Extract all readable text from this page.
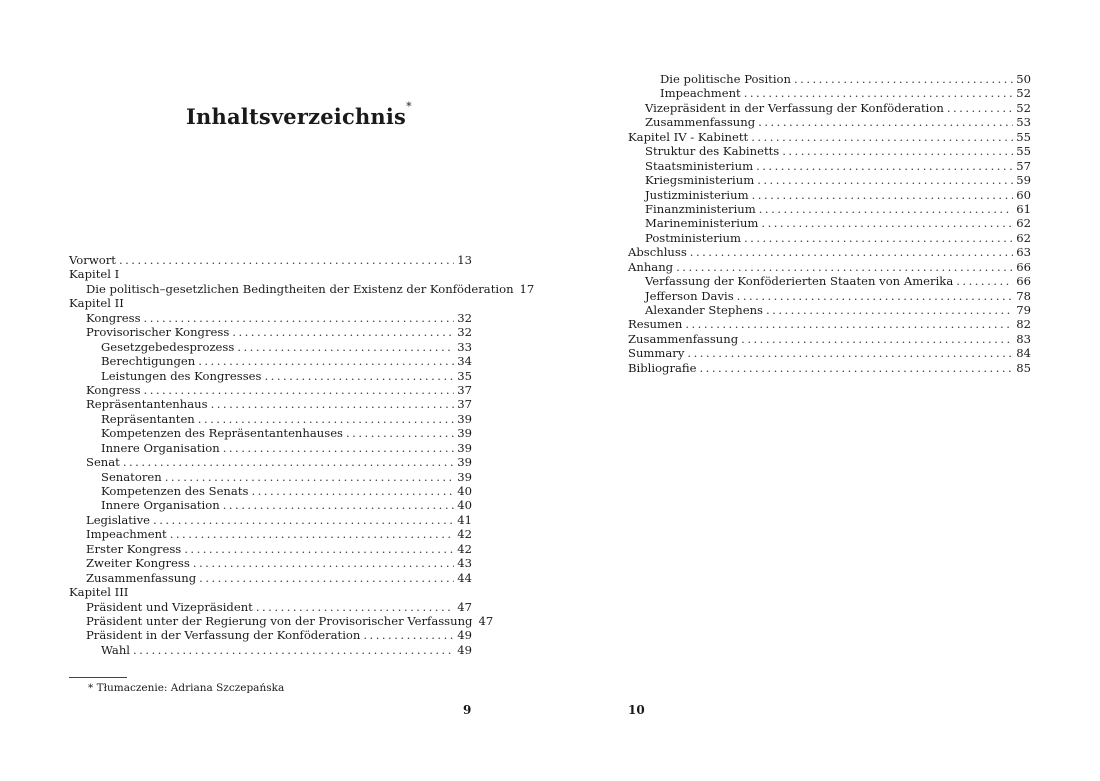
Inhaltsverzeichnis*
Vorwort . . .	13
Kapitel I
Die politisch–gesetzlichen Bedingtheiten der Existenz der Konföderation 17
Kapitel II
Kongress . . .	32
Provisorischer Kongress . . .	32
Gesetzgebedesprozess . . .	33
Berechtigungen . . .	34
Leistungen des Kongresses . . .	35
Kongress . . .	37
Repräsentantenhaus . . .	37
Repräsentanten . . .	39
Kompetenzen des Repräsentantenhauses . . .	39
Innere Organisation . . .	39
Senat . . .	39
Senatoren . . .	39
Kompetenzen des Senats . . .	40
Innere Organisation . . .	40
Legislative . . .	41
Impeachment . . .	42
Erster Kongress . . .	42
Zweiter Kongress . . .	43
Zusammenfassung . . .	44
Kapitel III
Präsident und Vizepräsident . . .	47
Präsident unter der Regierung von der Provisorischer Verfassung 47
Präsident in der Verfassung der Konföderation . . .	49
Wahl . . .	49
* Tłumaczenie: Adriana Szczepańska
9
Die politische Position . . .	50
Impeachment . . .	52
Vizepräsident in der Verfassung der Konföderation . . .	52
Zusammenfassung . . .	53
Kapitel IV - Kabinett . . .	55
Struktur des Kabinetts . . .	55
Staatsministerium . . .	57
Kriegsministerium . . .	59
Justizministerium . . .	60
Finanzministerium . . .	61
Marineministerium . . .	62
Postministerium . . .	62
Abschluss . . .	63
Anhang . . .	66
Verfassung der Konföderierten Staaten von Amerika . . .	66
Jefferson Davis . . .	78
Alexander Stephens . . .	79
Resumen . . .	82
Zusammenfassung . . .	83
Summary . . .	84
Bibliografie . . .	85
10
